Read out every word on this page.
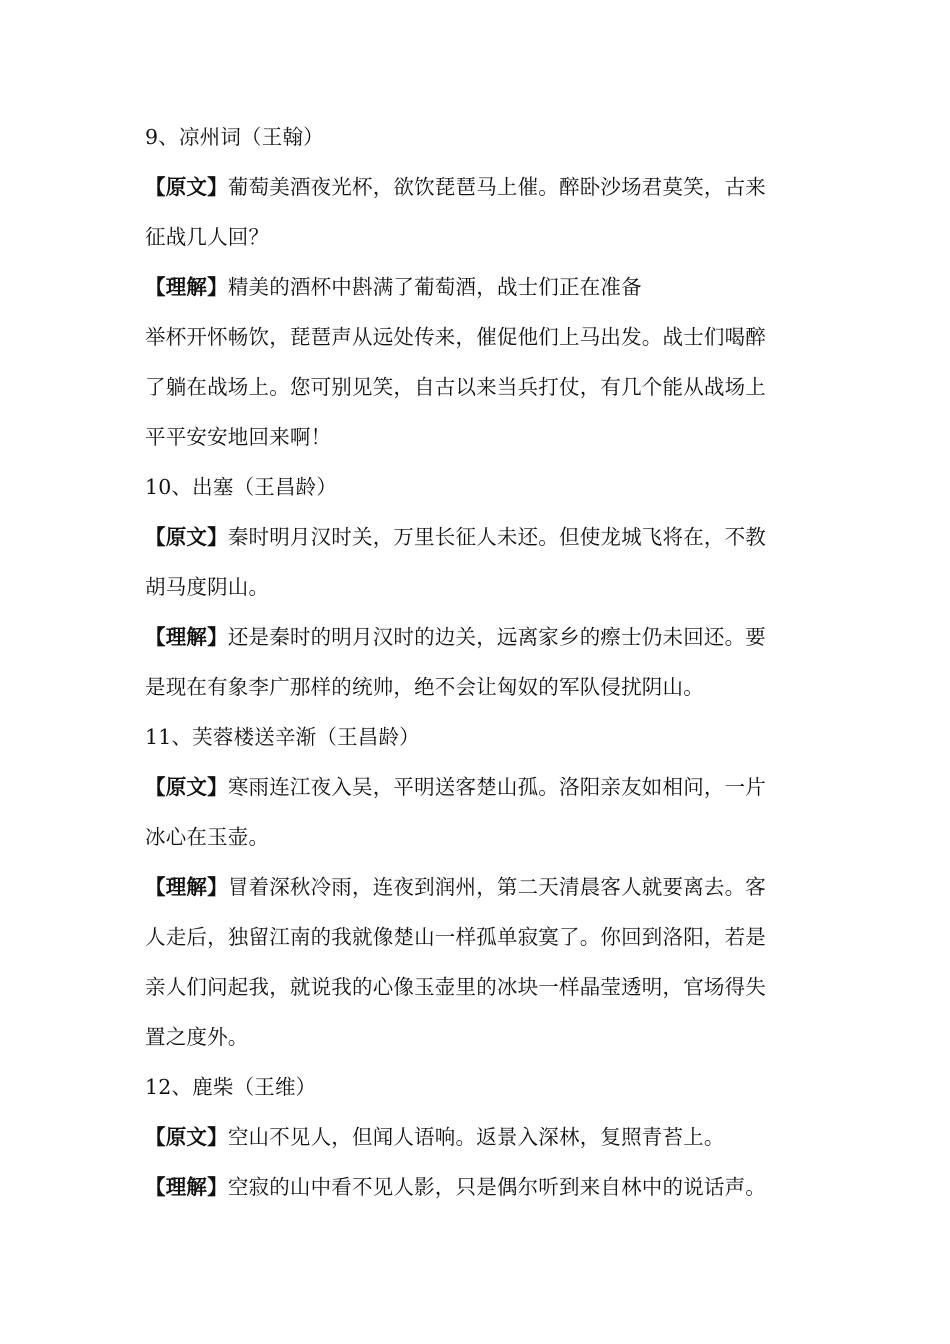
9、凉州词（王翰）
【原文】葡萄美酒夜光杯，欲饮琵琶马上催。醉卧沙场君莫笑，古来
征战几人回？
【理解】精美的酒杯中斟满了葡萄酒，战士们正在准备
举杯开怀畅饮，琵琶声从远处传来，催促他们上马出发。战士们喝醉
了躺在战场上。您可别见笑，自古以来当兵打仗，有几个能从战场上
平平安安地回来啊！
10、出塞（王昌龄）
【原文】秦时明月汉时关，万里长征人未还。但使龙城飞将在，不教
胡马度阴山。
【理解】还是秦时的明月汉时的边关，远离家乡的瘵士仍未回还。要
是现在有象李广那样的统帅，绝不会让匈奴的军队侵扰阴山。
11、芙蓉楼送辛渐（王昌龄）
【原文】寒雨连江夜入吴，平明送客楚山孤。洛阳亲友如相问，一片
冰心在玉壶。
【理解】冒着深秋冷雨，连夜到润州，第二天清晨客人就要离去。客
人走后，独留江南的我就像楚山一样孤单寂寞了。你回到洛阳，若是
亲人们问起我，就说我的心像玉壶里的冰块一样晶莹透明，官场得失
置之度外。
12、鹿柴（王维）
【原文】空山不见人，但闻人语响。返景入深林，复照青苔上。
【理解】空寂的山中看不见人影，只是偶尔听到来自林中的说话声。
